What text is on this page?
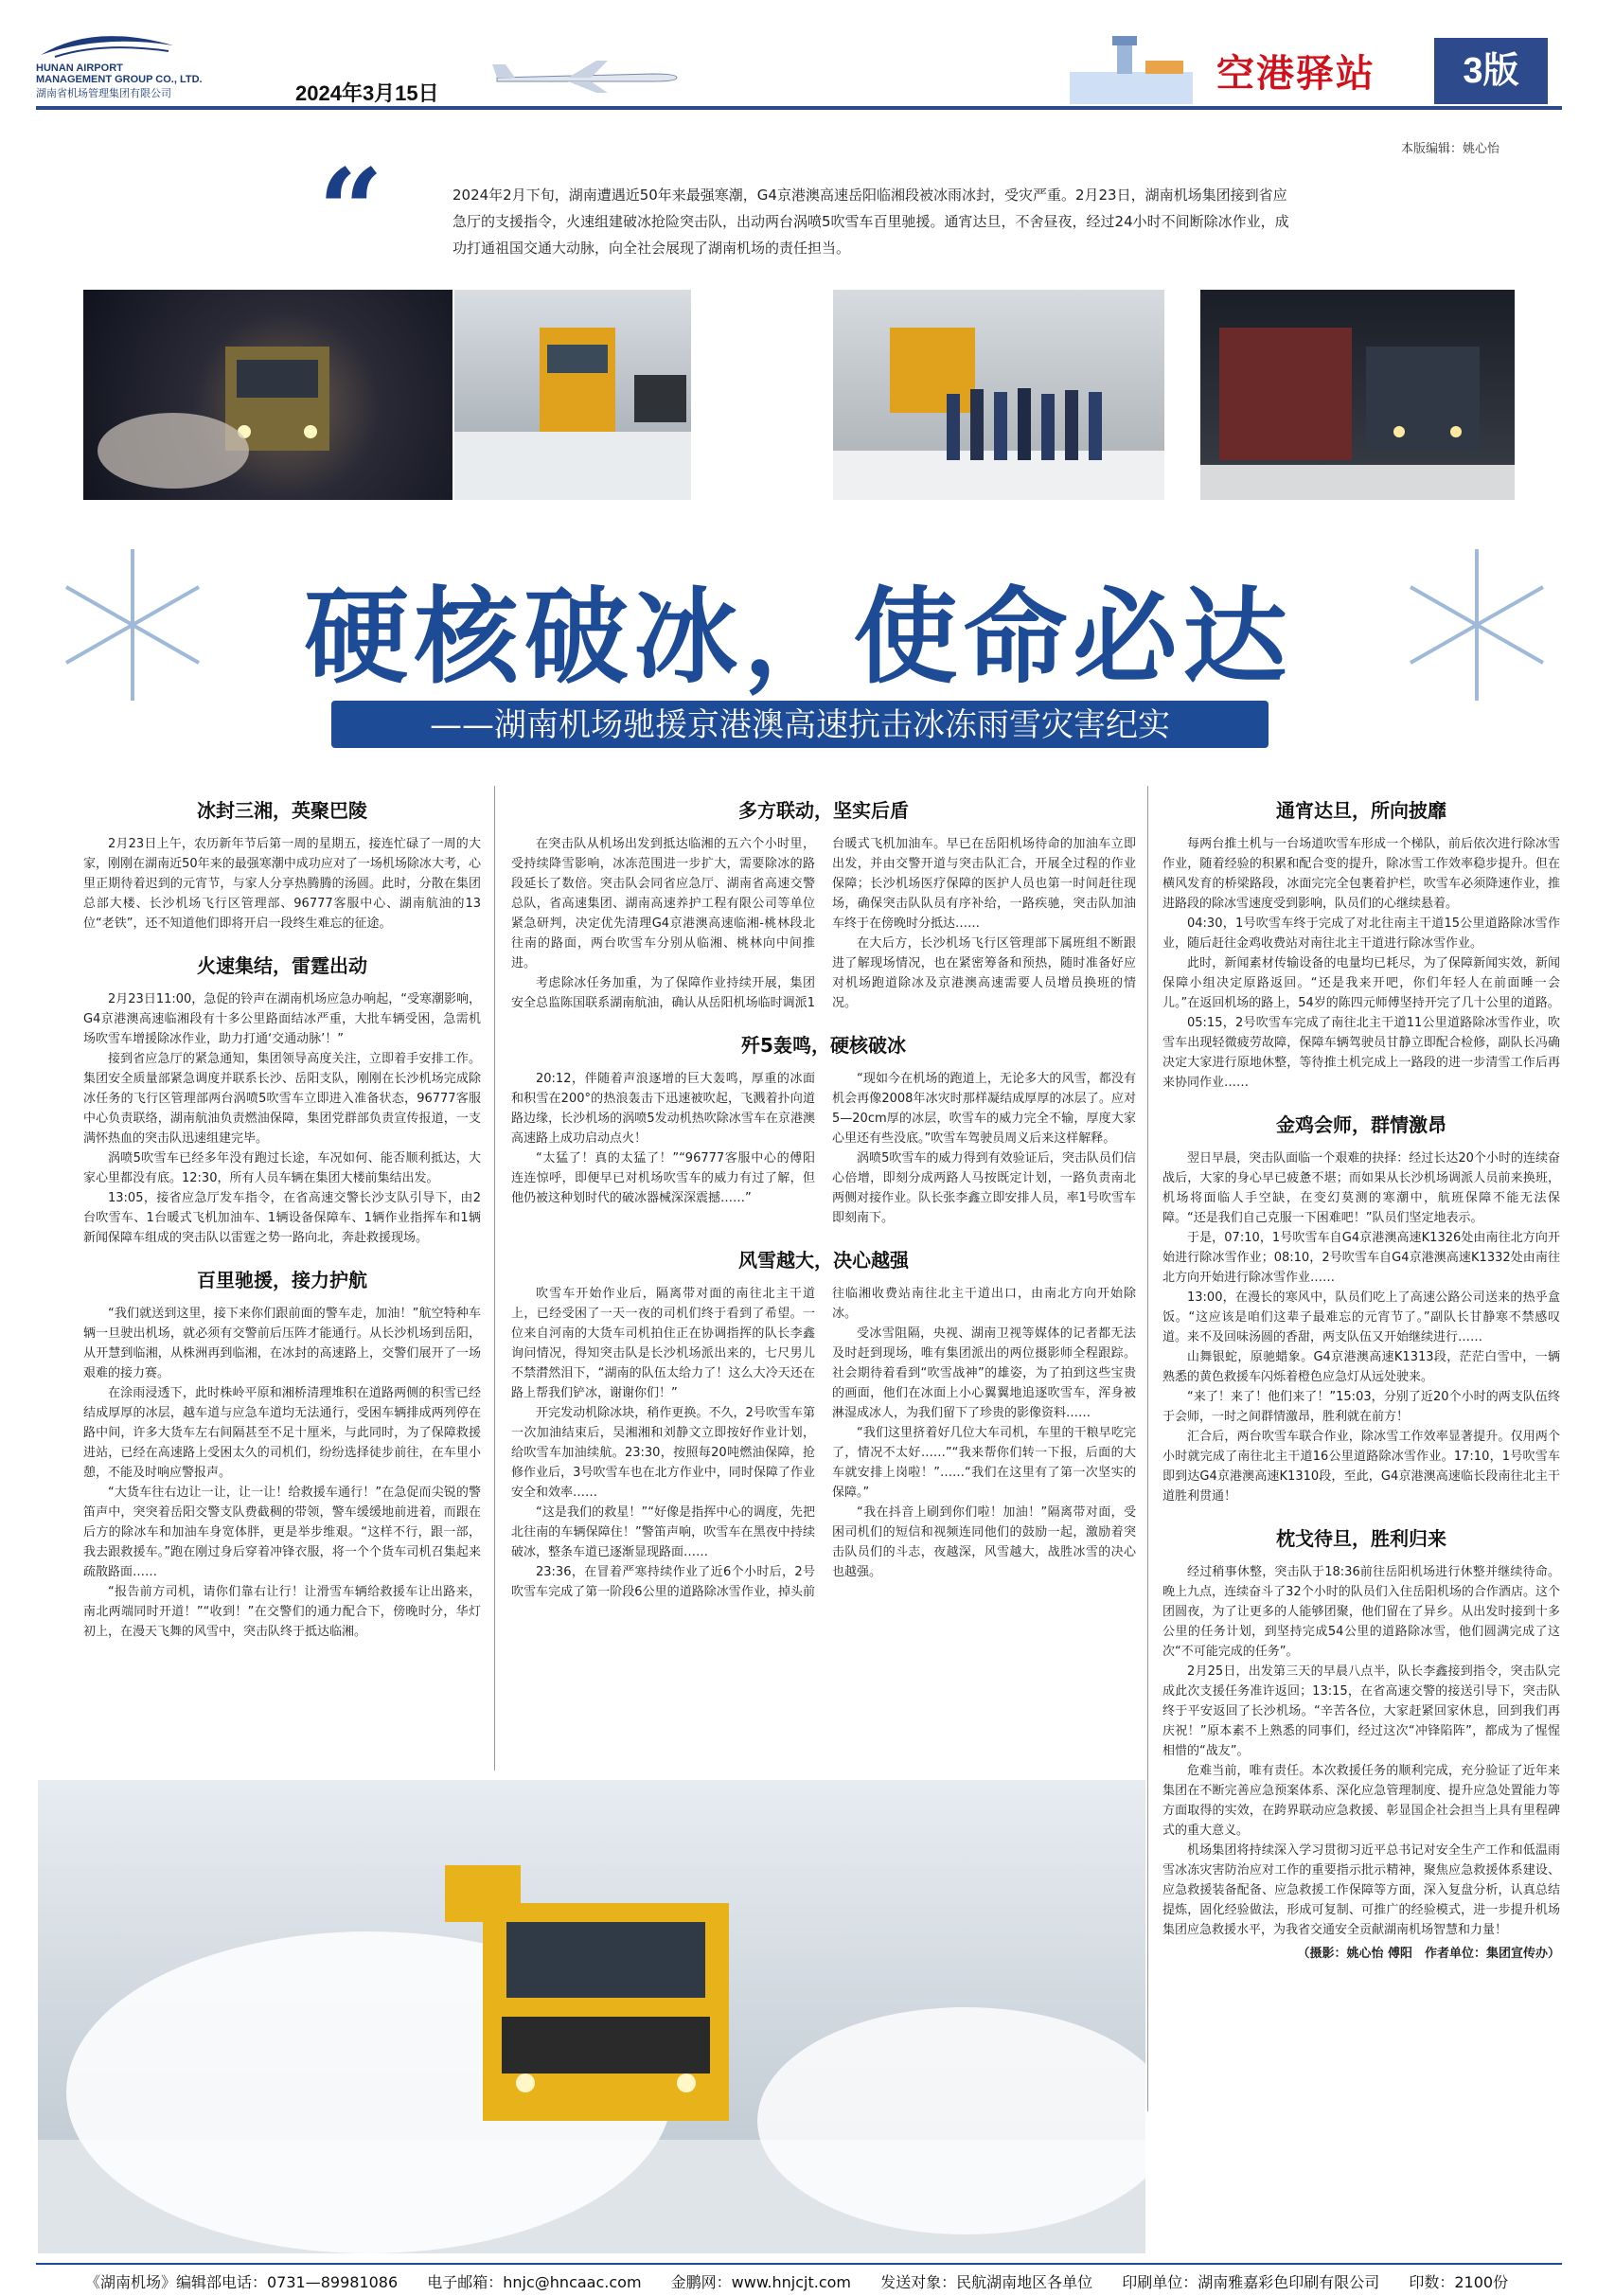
HUNAN AIRPORT
MANAGEMENT GROUP CO., LTD.
湖南省机场管理集团有限公司	2024年3月15日	空港驿站	3版
本版编辑：姚心怡
“	2024年2月下旬，湖南遭遇近50年来最强寒潮，G4京港澳高速岳阳临湘段被冰雨冰封，受灾严重。2月23日，湖南机场集团接到省应急厅的支援指令，火速组建破冰抢险突击队，出动两台涡喷5吹雪车百里驰援。通宵达旦，不舍昼夜，经过24小时不间断除冰作业，成功打通祖国交通大动脉，向全社会展现了湖南机场的责任担当。
硬核破冰，使命必达
——湖南机场驰援京港澳高速抗击冰冻雨雪灾害纪实
冰封三湘，英聚巴陵

2月23日上午，农历新年节后第一周的星期五，接连忙碌了一周的大家，刚刚在湖南近50年来的最强寒潮中成功应对了一场机场除冰大考，心里正期待着迟到的元宵节，与家人分享热腾腾的汤圆。此时，分散在集团总部大楼、长沙机场飞行区管理部、96777客服中心、湖南航油的13位“老铁”，还不知道他们即将开启一段终生难忘的征途。

火速集结，雷霆出动

2月23日11:00，急促的铃声在湖南机场应急办响起，“受寒潮影响，G4京港澳高速临湘段有十多公里路面结冰严重，大批车辆受困，急需机场吹雪车增援除冰作业，助力打通‘交通动脉’！”

接到省应急厅的紧急通知，集团领导高度关注，立即着手安排工作。集团安全质量部紧急调度并联系长沙、岳阳支队，刚刚在长沙机场完成除冰任务的飞行区管理部两台涡喷5吹雪车立即进入准备状态，96777客服中心负责联络，湖南航油负责燃油保障，集团党群部负责宣传报道，一支满怀热血的突击队迅速组建完毕。

涡喷5吹雪车已经多年没有跑过长途，车况如何、能否顺利抵达，大家心里都没有底。12:30，所有人员车辆在集团大楼前集结出发。

13:05，接省应急厅发车指令，在省高速交警长沙支队引导下，由2台吹雪车、1台暖式飞机加油车、1辆设备保障车、1辆作业指挥车和1辆新闻保障车组成的突击队以雷霆之势一路向北，奔赴救援现场。

百里驰援，接力护航

“我们就送到这里，接下来你们跟前面的警车走，加油！”航空特种车辆一旦驶出机场，就必须有交警前后压阵才能通行。从长沙机场到岳阳，从开慧到临湘，从株洲再到临湘，在冰封的高速路上，交警们展开了一场艰难的接力赛。

在涂雨浸透下，此时株岭平原和湘桥清理堆积在道路两侧的积雪已经结成厚厚的冰层，越车道与应急车道均无法通行，受困车辆排成两列停在路中间，许多大货车左右间隔甚至不足十厘米，与此同时，为了保障救援进站，已经在高速路上受困太久的司机们，纷纷选择徒步前往，在车里小憩，不能及时响应警报声。

“大货车往右边让一让，让一让！给救援车通行！”在急促而尖锐的警笛声中，突突着岳阳交警支队费截稠的带领，警车缓缓地前进着，而跟在后方的除冰车和加油车身宽体胖，更是举步维艰。“这样不行，跟一部，我去跟救援车。”跑在刚过身后穿着冲锋衣服，将一个个货车司机召集起来疏散路面……

“报告前方司机，请你们靠右让行！让滑雪车辆给救援车让出路来，南北两端同时开道！”“收到！”在交警们的通力配合下，傍晚时分，华灯初上，在漫天飞舞的风雪中，突击队终于抵达临湘。

多方联动，坚实后盾

在突击队从机场出发到抵达临湘的五六个小时里，受持续降雪影响，冰冻范围进一步扩大，需要除冰的路段延长了数倍。突击队会同省应急厅、湖南省高速交警总队，省高速集团、湖南高速养护工程有限公司等单位紧急研判，决定优先清理G4京港澳高速临湘-桃林段北往南的路面，两台吹雪车分别从临湘、桃林向中间推进。

考虑除冰任务加重，为了保障作业持续开展，集团安全总监陈国联系湖南航油，确认从岳阳机场临时调派1台暖式飞机加油车。早已在岳阳机场待命的加油车立即出发，并由交警开道与突击队汇合，开展全过程的作业保障；长沙机场医疗保障的医护人员也第一时间赶往现场，确保突击队队员有序补给，一路疾驰，突击队加油车终于在傍晚时分抵达……

在大后方，长沙机场飞行区管理部下属班组不断跟进了解现场情况，也在紧密筹备和预热，随时准备好应对机场跑道除冰及京港澳高速需要人员增员换班的情况。

歼5轰鸣，硬核破冰

20:12，伴随着声浪逐增的巨大轰鸣，厚重的冰面和积雪在200°的热浪轰击下迅速被吹起，飞溅着扑向道路边缘，长沙机场的涡喷5发动机热吹除冰雪车在京港澳高速路上成功启动点火！

“太猛了！真的太猛了！”“96777客服中心的傅阳连连惊呼，即便早已对机场吹雪车的威力有过了解，但他仍被这种划时代的破冰器械深深震撼……”

“现如今在机场的跑道上，无论多大的风雪，都没有机会再像2008年冰灾时那样凝结成厚厚的冰层了。应对5—20cm厚的冰层，吹雪车的威力完全不输，厚度大家心里还有些没底。”吹雪车驾驶员周义后来这样解释。

涡喷5吹雪车的威力得到有效验证后，突击队员们信心倍增，即刻分成两路人马按既定计划，一路负责南北两侧对接作业。队长张李鑫立即安排人员，率1号吹雪车即刻南下。

风雪越大，决心越强

吹雪车开始作业后，隔离带对面的南往北主干道上，已经受困了一天一夜的司机们终于看到了希望。一位来自河南的大货车司机拍住正在协调指挥的队长李鑫询问情况，得知突击队是长沙机场派出来的，七尺男儿不禁潸然泪下，“湖南的队伍太给力了！这么大冷天还在路上帮我们铲冰，谢谢你们！”

开完发动机除冰块，稍作更换。不久，2号吹雪车第一次加油结束后，吴湘湘和刘静文立即按好作业计划，给吹雪车加油续航。23:30，按照每20吨燃油保障，抢修作业后，3号吹雪车也在北方作业中，同时保障了作业安全和效率……

“这是我们的救星！”“好像是指挥中心的调度，先把北往南的车辆保障住！”警笛声响，吹雪车在黑夜中持续破冰，整条车道已逐渐显现路面……

23:36，在冒着严寒持续作业了近6个小时后，2号吹雪车完成了第一阶段6公里的道路除冰雪作业，掉头前往临湘收费站南往北主干道出口，由南北方向开始除冰。

受冰雪阻隔，央视、湖南卫视等媒体的记者都无法及时赶到现场，唯有集团派出的两位摄影师全程跟踪。社会期待着看到“吹雪战神”的雄姿，为了拍到这些宝贵的画面，他们在冰面上小心翼翼地追逐吹雪车，浑身被淋湿成冰人，为我们留下了珍贵的影像资料……

“我们这里挤着好几位大车司机，车里的干粮早吃完了，情况不太好……”“我来帮你们转一下报，后面的大车就安排上岗啦！”……“我们在这里有了第一次坚实的保障。”

“我在抖音上刷到你们啦！加油！”隔离带对面，受困司机们的短信和视频连同他们的鼓励一起，激励着突击队员们的斗志，夜越深，风雪越大，战胜冰雪的决心也越强。

通宵达旦，所向披靡

每两台推土机与一台场道吹雪车形成一个梯队，前后依次进行除冰雪作业，随着经验的积累和配合变的提升，除冰雪工作效率稳步提升。但在横风发育的桥梁路段，冰面完完全包裹着护栏，吹雪车必须降速作业，推进路段的除冰雪速度受到影响，队员们的心继续悬着。

04:30，1号吹雪车终于完成了对北往南主干道15公里道路除冰雪作业，随后赶往金鸡收费站对南往北主干道进行除冰雪作业。

此时，新闻素材传输设备的电量均已耗尽，为了保障新闻实效，新闻保障小组决定原路返回。“还是我来开吧，你们年轻人在前面睡一会儿。”在返回机场的路上，54岁的陈四元师傅坚持开完了几十公里的道路。

05:15，2号吹雪车完成了南往北主干道11公里道路除冰雪作业，吹雪车出现轻微疲劳故障，保障车辆驾驶员甘静立即配合检修，副队长冯确决定大家进行原地休整，等待推土机完成上一路段的进一步清雪工作后再来协同作业……

金鸡会师，群情激昂

翌日早晨，突击队面临一个艰难的抉择：经过长达20个小时的连续奋战后，大家的身心早已疲惫不堪；而如果从长沙机场调派人员前来换班，机场将面临人手空缺，在变幻莫测的寒潮中，航班保障不能无法保障。“还是我们自己克服一下困难吧！”队员们坚定地表示。

于是，07:10，1号吹雪车自G4京港澳高速K1326处由南往北方向开始进行除冰雪作业；08:10，2号吹雪车自G4京港澳高速K1332处由南往北方向开始进行除冰雪作业……

13:00，在漫长的寒风中，队员们吃上了高速公路公司送来的热乎盒饭。“这应该是咱们这辈子最难忘的元宵节了。”副队长甘静寒不禁感叹道。来不及回味汤圆的香甜，两支队伍又开始继续进行……

山舞银蛇，原驰蜡象。G4京港澳高速K1313段，茫茫白雪中，一辆熟悉的黄色救援车闪烁着橙色应急灯从远处驶来。

“来了！来了！他们来了！”15:03，分别了近20个小时的两支队伍终于会师，一时之间群情激昂，胜利就在前方！

汇合后，两台吹雪车联合作业，除冰雪工作效率显著提升。仅用两个小时就完成了南往北主干道16公里道路除冰雪作业。17:10，1号吹雪车即到达G4京港澳高速K1310段，至此，G4京港澳高速临长段南往北主干道胜利贯通！

枕戈待旦，胜利归来

经过稍事休整，突击队于18:36前往岳阳机场进行休整并继续待命。晚上九点，连续奋斗了32个小时的队员们入住岳阳机场的合作酒店。这个团圆夜，为了让更多的人能够团聚，他们留在了异乡。从出发时接到十多公里的任务计划，到坚持完成54公里的道路除冰雪，他们圆满完成了这次“不可能完成的任务”。

2月25日，出发第三天的早晨八点半，队长李鑫接到指令，突击队完成此次支援任务准许返回；13:15，在省高速交警的接送引导下，突击队终于平安返回了长沙机场。“辛苦各位，大家赶紧回家休息，回到我们再庆祝！”原本素不上熟悉的同事们，经过这次“冲锋陷阵”，都成为了惺惺相惜的“战友”。

危难当前，唯有责任。本次救援任务的顺利完成，充分验证了近年来集团在不断完善应急预案体系、深化应急管理制度、提升应急处置能力等方面取得的实效，在跨界联动应急救援、彰显国企社会担当上具有里程碑式的重大意义。

机场集团将持续深入学习贯彻习近平总书记对安全生产工作和低温雨雪冰冻灾害防治应对工作的重要指示批示精神，聚焦应急救援体系建设、应急救援装备配备、应急救援工作保障等方面，深入复盘分析，认真总结提炼，固化经验做法，形成可复制、可推广的经验模式，进一步提升机场集团应急救援水平，为我省交通安全贡献湖南机场智慧和力量！

（摄影：姚心怡 傅阳　作者单位：集团宣传办）

《湖南机场》编辑部电话：0731—89981086 电子邮箱：hnjc@hncaac.com 金鹏网：www.hnjcjt.com 发送对象：民航湖南地区各单位 印刷单位：湖南雅嘉彩色印刷有限公司 印数：2100份
